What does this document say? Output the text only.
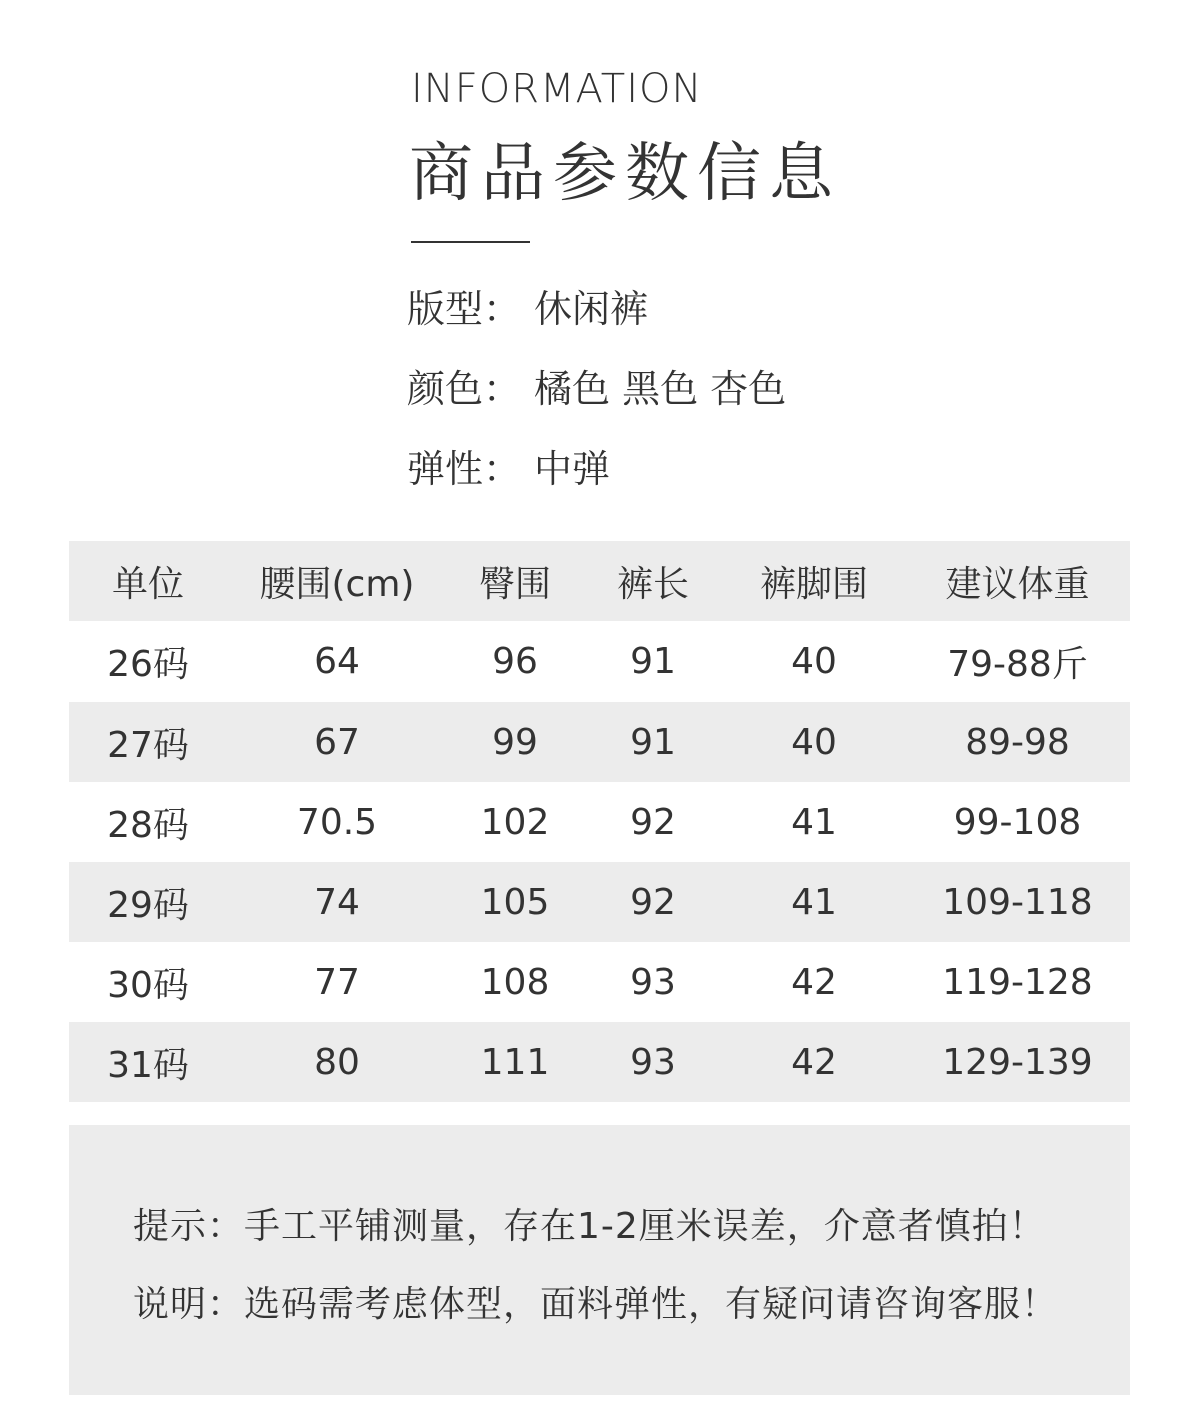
INFORMATION
商品参数信息
版型： 休闲裤
颜色： 橘色 黑色 杏色
弹性： 中弹
单位	腰围(cm)	臀围	裤长	裤脚围	建议体重
26码	64	96	91	40	79-88斤
27码	67	99	91	40	89-98
28码	70.5	102	92	41	99-108
29码	74	105	92	41	109-118
30码	77	108	93	42	119-128
31码	80	111	93	42	129-139
提示：手工平铺测量，存在1-2厘米误差，介意者慎拍！
说明：选码需考虑体型，面料弹性，有疑问请咨询客服！
